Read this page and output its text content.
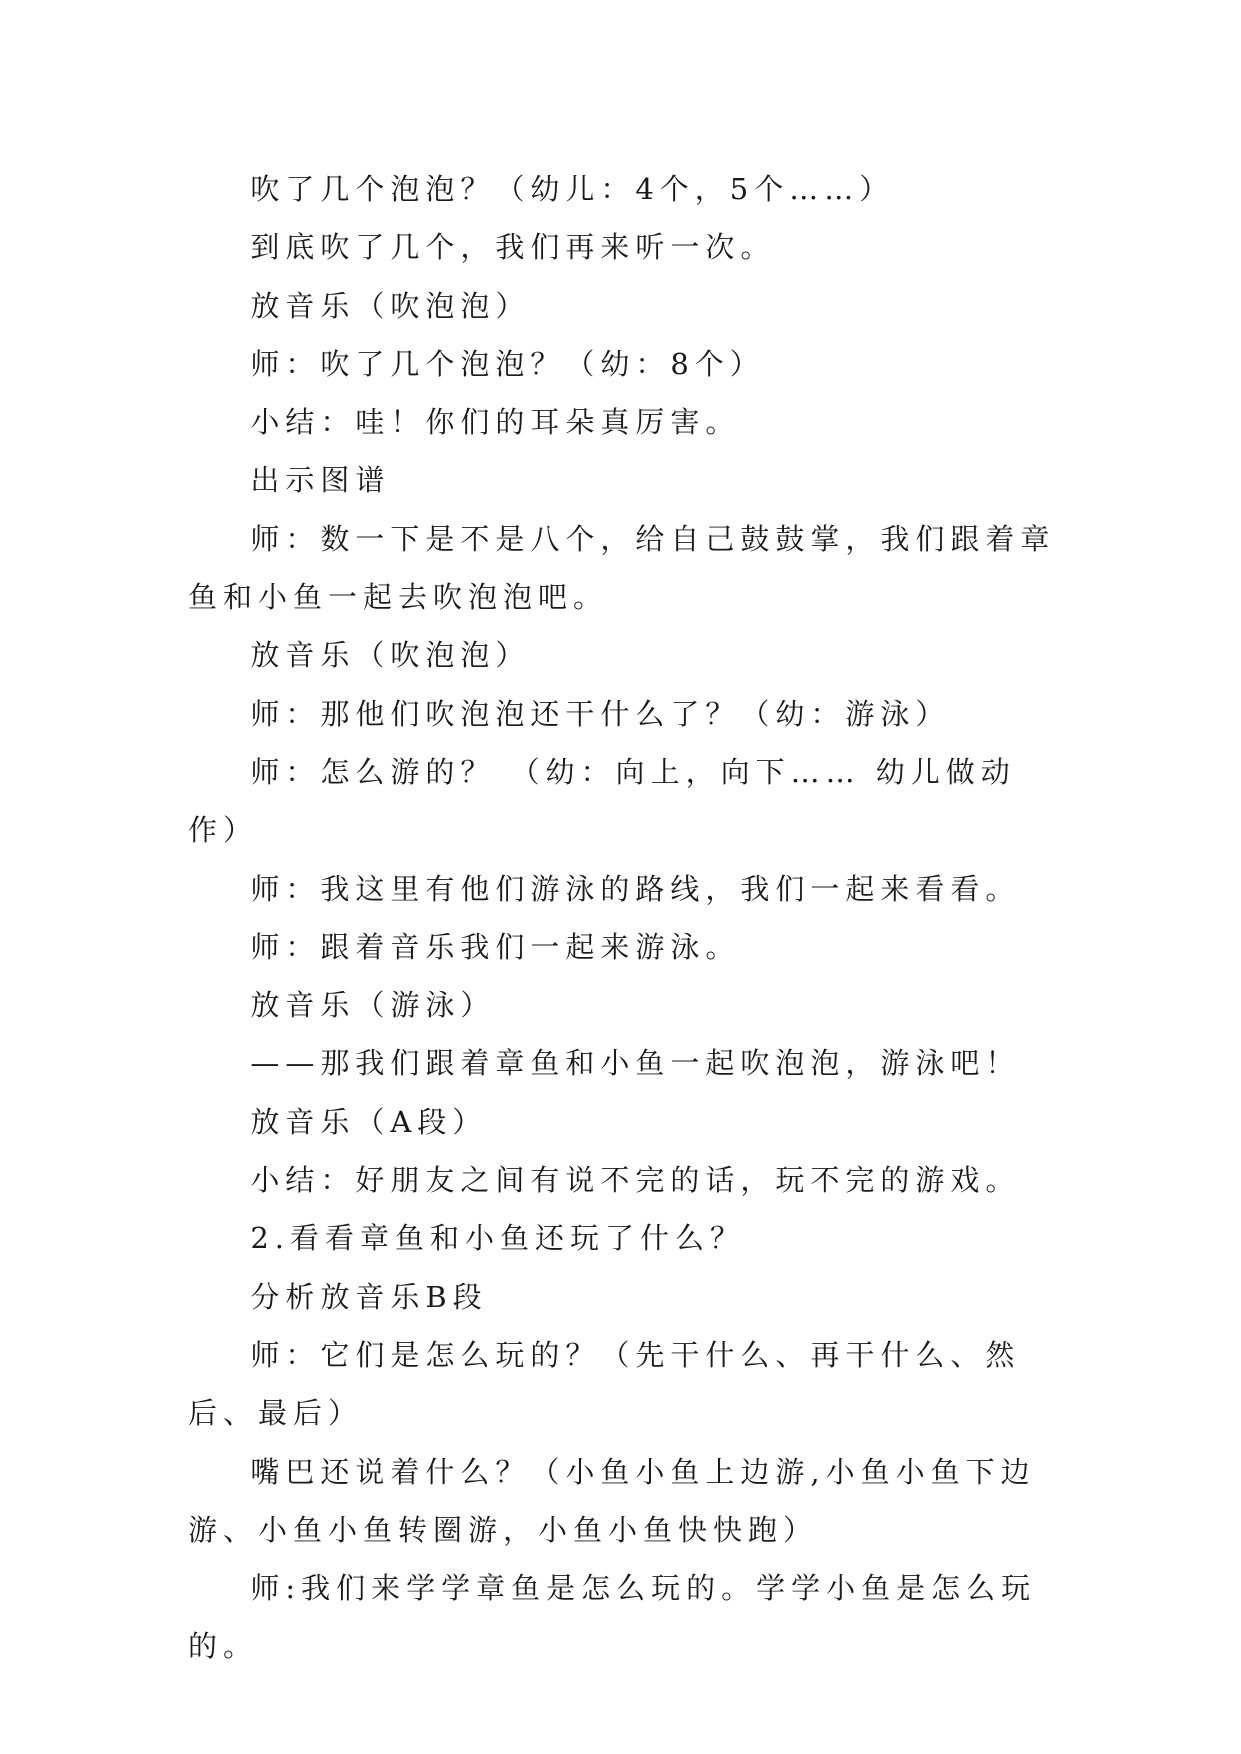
吹了几个泡泡？（幼儿：4个，5个……）

到底吹了几个，我们再来听一次。

放音乐（吹泡泡）

师：吹了几个泡泡？（幼：8个）

小结：哇！你们的耳朵真厉害。

出示图谱

师：数一下是不是八个，给自己鼓鼓掌，我们跟着章鱼和小鱼一起去吹泡泡吧。

放音乐（吹泡泡）

师：那他们吹泡泡还干什么了？（幼：游泳）

师：怎么游的？ （幼：向上，向下…… 幼儿做动作）

师：我这里有他们游泳的路线，我们一起来看看。

师：跟着音乐我们一起来游泳。

放音乐（游泳）

——那我们跟着章鱼和小鱼一起吹泡泡，游泳吧！

放音乐（A段）

小结：好朋友之间有说不完的话，玩不完的游戏。

2.看看章鱼和小鱼还玩了什么？

分析放音乐B段

师：它们是怎么玩的？（先干什么、再干什么、然后、最后）

嘴巴还说着什么？（小鱼小鱼上边游,小鱼小鱼下边游、小鱼小鱼转圈游，小鱼小鱼快快跑）

师:我们来学学章鱼是怎么玩的。学学小鱼是怎么玩的。
